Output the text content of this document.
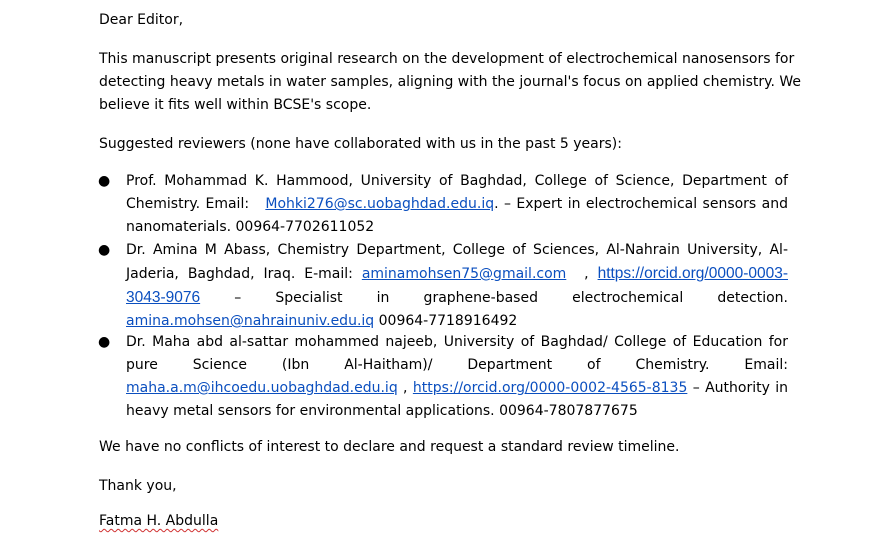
Dear Editor,

This manuscript presents original research on the development of electrochemical nanosensors for

detecting heavy metals in water samples, aligning with the journal's focus on applied chemistry. We

believe it fits well within BCSE's scope.

Suggested reviewers (none have collaborated with us in the past 5 years):

● Prof. Mohammad K. Hammood, University of Baghdad, College of Science, Department of Chemistry. Email: Mohki276@sc.uobaghdad.edu.iq. – Expert in electrochemical sensors and nanomaterials. 00964-7702611052
● Dr. Amina M Abass, Chemistry Department, College of Sciences, Al-Nahrain University, Al-Jaderia, Baghdad, Iraq. E-mail: aminamohsen75@gmail.com  , https://orcid.org/0000-0003-3043-9076 – Specialist in graphene-based electrochemical detection. amina.mohsen@nahrainuniv.edu.iq 00964-7718916492
● Dr. Maha abd al-sattar mohammed najeeb, University of Baghdad/ College of Education for pure Science (Ibn Al-Haitham)/ Department of Chemistry. Email: maha.a.m@ihcoedu.uobaghdad.edu.iq , https://orcid.org/0000-0002-4565-8135 – Authority in heavy metal sensors for environmental applications. 00964-7807877675

We have no conflicts of interest to declare and request a standard review timeline.

Thank you,

Fatma H. Abdulla
